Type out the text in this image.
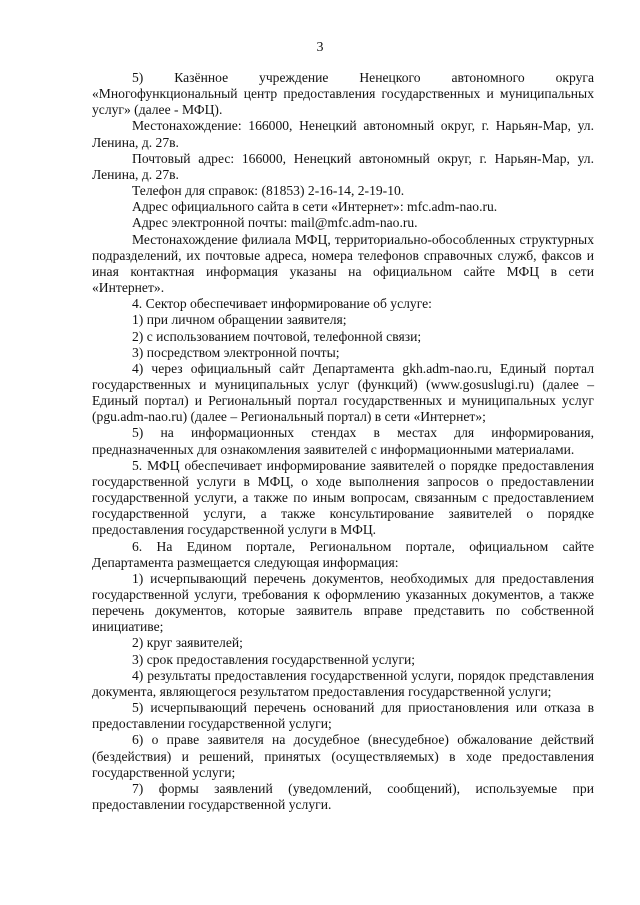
3

5) Казённое учреждение Ненецкого автономного округа «Многофункциональный центр предоставления государственных и муниципальных услуг» (далее - МФЦ).

Местонахождение: 166000, Ненецкий автономный округ, г. Нарьян-Мар, ул. Ленина, д. 27в.

Почтовый адрес: 166000, Ненецкий автономный округ, г. Нарьян-Мар, ул. Ленина, д. 27в.

Телефон для справок: (81853) 2-16-14, 2-19-10.

Адрес официального сайта в сети «Интернет»: mfc.adm-nao.ru.

Адрес электронной почты: mail@mfc.adm-nao.ru.

Местонахождение филиала МФЦ, территориально-обособленных структурных подразделений, их почтовые адреса, номера телефонов справочных служб, факсов и иная контактная информация указаны на официальном сайте МФЦ в сети «Интернет».

4. Сектор обеспечивает информирование об услуге:

1) при личном обращении заявителя;

2) с использованием почтовой, телефонной связи;

3) посредством электронной почты;

4) через официальный сайт Департамента gkh.adm-nao.ru, Единый портал государственных и муниципальных услуг (функций) (www.gosuslugi.ru) (далее – Единый портал) и Региональный портал государственных и муниципальных услуг (pgu.adm-nao.ru) (далее – Региональный портал) в сети «Интернет»;

5) на информационных стендах в местах для информирования, предназначенных для ознакомления заявителей с информационными материалами.

5. МФЦ обеспечивает информирование заявителей о порядке предоставления государственной услуги в МФЦ, о ходе выполнения запросов о предоставлении государственной услуги, а также по иным вопросам, связанным с предоставлением государственной услуги, а также консультирование заявителей о порядке предоставления государственной услуги в МФЦ.

6. На Едином портале, Региональном портале, официальном сайте Департамента размещается следующая информация:

1) исчерпывающий перечень документов, необходимых для предоставления государственной услуги, требования к оформлению указанных документов, а также перечень документов, которые заявитель вправе представить по собственной инициативе;

2) круг заявителей;

3) срок предоставления государственной услуги;

4) результаты предоставления государственной услуги, порядок представления документа, являющегося результатом предоставления государственной услуги;

5) исчерпывающий перечень оснований для приостановления или отказа в предоставлении государственной услуги;

6) о праве заявителя на досудебное (внесудебное) обжалование действий (бездействия) и решений, принятых (осуществляемых) в ходе предоставления государственной услуги;

7) формы заявлений (уведомлений, сообщений), используемые при предоставлении государственной услуги.
